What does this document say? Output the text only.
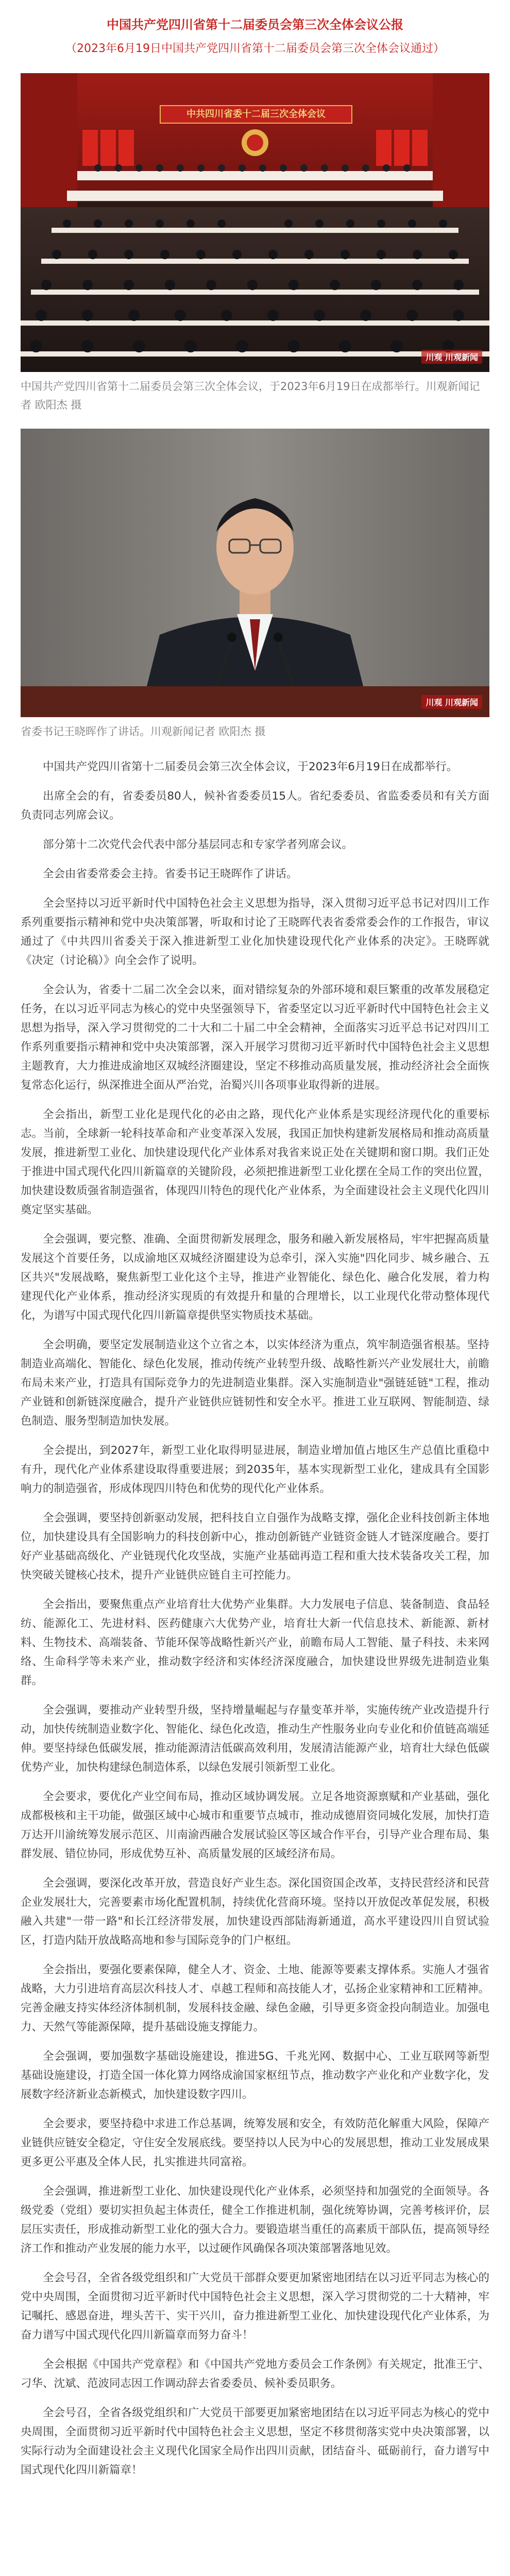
中国共产党四川省第十二届委员会第三次全体会议公报

（2023年6月19日中国共产党四川省第十二届委员会第三次全体会议通过）

中共四川省委十二届三次全体会议
川观 川观新闻

中国共产党四川省第十二届委员会第三次全体会议，于2023年6月19日在成都举行。川观新闻记者 欧阳杰 摄

川观 川观新闻

省委书记王晓晖作了讲话。川观新闻记者 欧阳杰 摄

中国共产党四川省第十二届委员会第三次全体会议，于2023年6月19日在成都举行。

出席全会的有，省委委员80人，候补省委委员15人。省纪委委员、省监委委员和有关方面负责同志列席会议。

部分第十二次党代会代表中部分基层同志和专家学者列席会议。

全会由省委常委会主持。省委书记王晓晖作了讲话。

全会坚持以习近平新时代中国特色社会主义思想为指导，深入贯彻习近平总书记对四川工作系列重要指示精神和党中央决策部署，听取和讨论了王晓晖代表省委常委会作的工作报告，审议通过了《中共四川省委关于深入推进新型工业化加快建设现代化产业体系的决定》。王晓晖就《决定（讨论稿）》向全会作了说明。

全会认为，省委十二届二次全会以来，面对错综复杂的外部环境和艰巨繁重的改革发展稳定任务，在以习近平同志为核心的党中央坚强领导下，省委坚定以习近平新时代中国特色社会主义思想为指导，深入学习贯彻党的二十大和二十届二中全会精神，全面落实习近平总书记对四川工作系列重要指示精神和党中央决策部署，深入开展学习贯彻习近平新时代中国特色社会主义思想主题教育，大力推进成渝地区双城经济圈建设，坚定不移推动高质量发展，推动经济社会全面恢复常态化运行，纵深推进全面从严治党，治蜀兴川各项事业取得新的进展。

全会指出，新型工业化是现代化的必由之路，现代化产业体系是实现经济现代化的重要标志。当前，全球新一轮科技革命和产业变革深入发展，我国正加快构建新发展格局和推动高质量发展，推进新型工业化、加快建设现代化产业体系对我省来说正处在关键期和窗口期。我们正处于推进中国式现代化四川新篇章的关键阶段，必须把推进新型工业化摆在全局工作的突出位置，加快建设数质强省制造强省，体现四川特色的现代化产业体系，为全面建设社会主义现代化四川奠定坚实基础。

全会强调，要完整、准确、全面贯彻新发展理念，服务和融入新发展格局，牢牢把握高质量发展这个首要任务，以成渝地区双城经济圈建设为总牵引，深入实施"四化同步、城乡融合、五区共兴"发展战略，聚焦新型工业化这个主导，推进产业智能化、绿色化、融合化发展，着力构建现代化产业体系，推动经济实现质的有效提升和量的合理增长，以工业现代化带动整体现代化，为谱写中国式现代化四川新篇章提供坚实物质技术基础。

全会明确，要坚定发展制造业这个立省之本，以实体经济为重点，筑牢制造强省根基。坚持制造业高端化、智能化、绿色化发展，推动传统产业转型升级、战略性新兴产业发展壮大，前瞻布局未来产业，打造具有国际竞争力的先进制造业集群。深入实施制造业"强链延链"工程，推动产业链和创新链深度融合，提升产业链供应链韧性和安全水平。推进工业互联网、智能制造、绿色制造、服务型制造加快发展。

全会提出，到2027年，新型工业化取得明显进展，制造业增加值占地区生产总值比重稳中有升，现代化产业体系建设取得重要进展；到2035年，基本实现新型工业化，建成具有全国影响力的制造强省，形成体现四川特色和优势的现代化产业体系。

全会强调，要坚持创新驱动发展，把科技自立自强作为战略支撑，强化企业科技创新主体地位，加快建设具有全国影响力的科技创新中心，推动创新链产业链资金链人才链深度融合。要打好产业基础高级化、产业链现代化攻坚战，实施产业基础再造工程和重大技术装备攻关工程，加快突破关键核心技术，提升产业链供应链自主可控能力。

全会指出，要聚焦重点产业培育壮大优势产业集群。大力发展电子信息、装备制造、食品轻纺、能源化工、先进材料、医药健康六大优势产业，培育壮大新一代信息技术、新能源、新材料、生物技术、高端装备、节能环保等战略性新兴产业，前瞻布局人工智能、量子科技、未来网络、生命科学等未来产业，推动数字经济和实体经济深度融合，加快建设世界级先进制造业集群。

全会强调，要推动产业转型升级，坚持增量崛起与存量变革并举，实施传统产业改造提升行动，加快传统制造业数字化、智能化、绿色化改造，推动生产性服务业向专业化和价值链高端延伸。要坚持绿色低碳发展，推动能源清洁低碳高效利用，发展清洁能源产业，培育壮大绿色低碳优势产业，加快构建绿色制造体系，以绿色发展引领新型工业化。

全会要求，要优化产业空间布局，推动区域协调发展。立足各地资源禀赋和产业基础，强化成都极核和主干功能，做强区域中心城市和重要节点城市，推动成德眉资同城化发展，加快打造万达开川渝统筹发展示范区、川南渝西融合发展试验区等区域合作平台，引导产业合理布局、集群发展、错位协同，形成优势互补、高质量发展的区域经济布局。

全会强调，要深化改革开放，营造良好产业生态。深化国资国企改革，支持民营经济和民营企业发展壮大，完善要素市场化配置机制，持续优化营商环境。坚持以开放促改革促发展，积极融入共建"一带一路"和长江经济带发展，加快建设西部陆海新通道，高水平建设四川自贸试验区，打造内陆开放战略高地和参与国际竞争的门户枢纽。

全会指出，要强化要素保障，健全人才、资金、土地、能源等要素支撑体系。实施人才强省战略，大力引进培育高层次科技人才、卓越工程师和高技能人才，弘扬企业家精神和工匠精神。完善金融支持实体经济体制机制，发展科技金融、绿色金融，引导更多资金投向制造业。加强电力、天然气等能源保障，提升基础设施支撑能力。

全会强调，要加强数字基础设施建设，推进5G、千兆光网、数据中心、工业互联网等新型基础设施建设，打造全国一体化算力网络成渝国家枢纽节点，推动数字产业化和产业数字化，发展数字经济新业态新模式，加快建设数字四川。

全会要求，要坚持稳中求进工作总基调，统筹发展和安全，有效防范化解重大风险，保障产业链供应链安全稳定，守住安全发展底线。要坚持以人民为中心的发展思想，推动工业发展成果更多更公平惠及全体人民，扎实推进共同富裕。

全会强调，推进新型工业化、加快建设现代化产业体系，必须坚持和加强党的全面领导。各级党委（党组）要切实担负起主体责任，健全工作推进机制，强化统筹协调，完善考核评价，层层压实责任，形成推动新型工业化的强大合力。要锻造堪当重任的高素质干部队伍，提高领导经济工作和推动产业发展的能力水平，以过硬作风确保各项决策部署落地见效。

全会号召，全省各级党组织和广大党员干部群众要更加紧密地团结在以习近平同志为核心的党中央周围，全面贯彻习近平新时代中国特色社会主义思想，深入学习贯彻党的二十大精神，牢记嘱托、感恩奋进，埋头苦干、实干兴川，奋力推进新型工业化、加快建设现代化产业体系，为奋力谱写中国式现代化四川新篇章而努力奋斗！

全会根据《中国共产党章程》和《中国共产党地方委员会工作条例》有关规定，批准王宁、刁华、沈斌、范波同志因工作调动辞去省委委员、候补委员职务。

全会号召，全省各级党组织和广大党员干部要更加紧密地团结在以习近平同志为核心的党中央周围，全面贯彻习近平新时代中国特色社会主义思想，坚定不移贯彻落实党中央决策部署，以实际行动为全面建设社会主义现代化国家全局作出四川贡献，团结奋斗、砥砺前行，奋力谱写中国式现代化四川新篇章！
